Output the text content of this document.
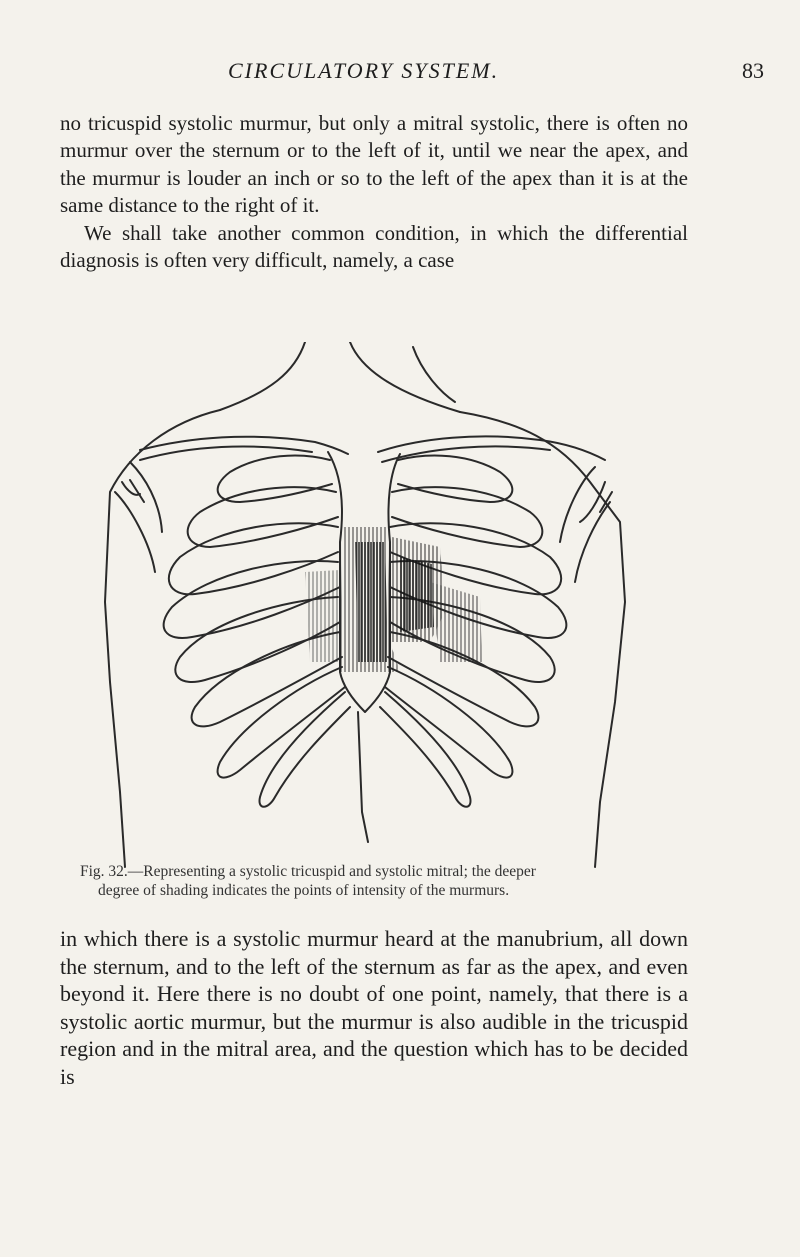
CIRCULATORY SYSTEM.	83

no tricuspid systolic murmur, but only a mitral systolic, there is often no murmur over the sternum or to the left of it, until we near the apex, and the murmur is louder an inch or so to the left of the apex than it is at the same distance to the right of it.

We shall take another common condition, in which the differential diagnosis is often very difficult, namely, a case

Fig. 32.—Representing a systolic tricuspid and systolic mitral; the deeper

degree of shading indicates the points of intensity of the murmurs.

in which there is a systolic murmur heard at the manubrium, all down the sternum, and to the left of the sternum as far as the apex, and even beyond it. Here there is no doubt of one point, namely, that there is a systolic aortic murmur, but the murmur is also audible in the tricuspid region and in the mitral area, and the question which has to be decided is
